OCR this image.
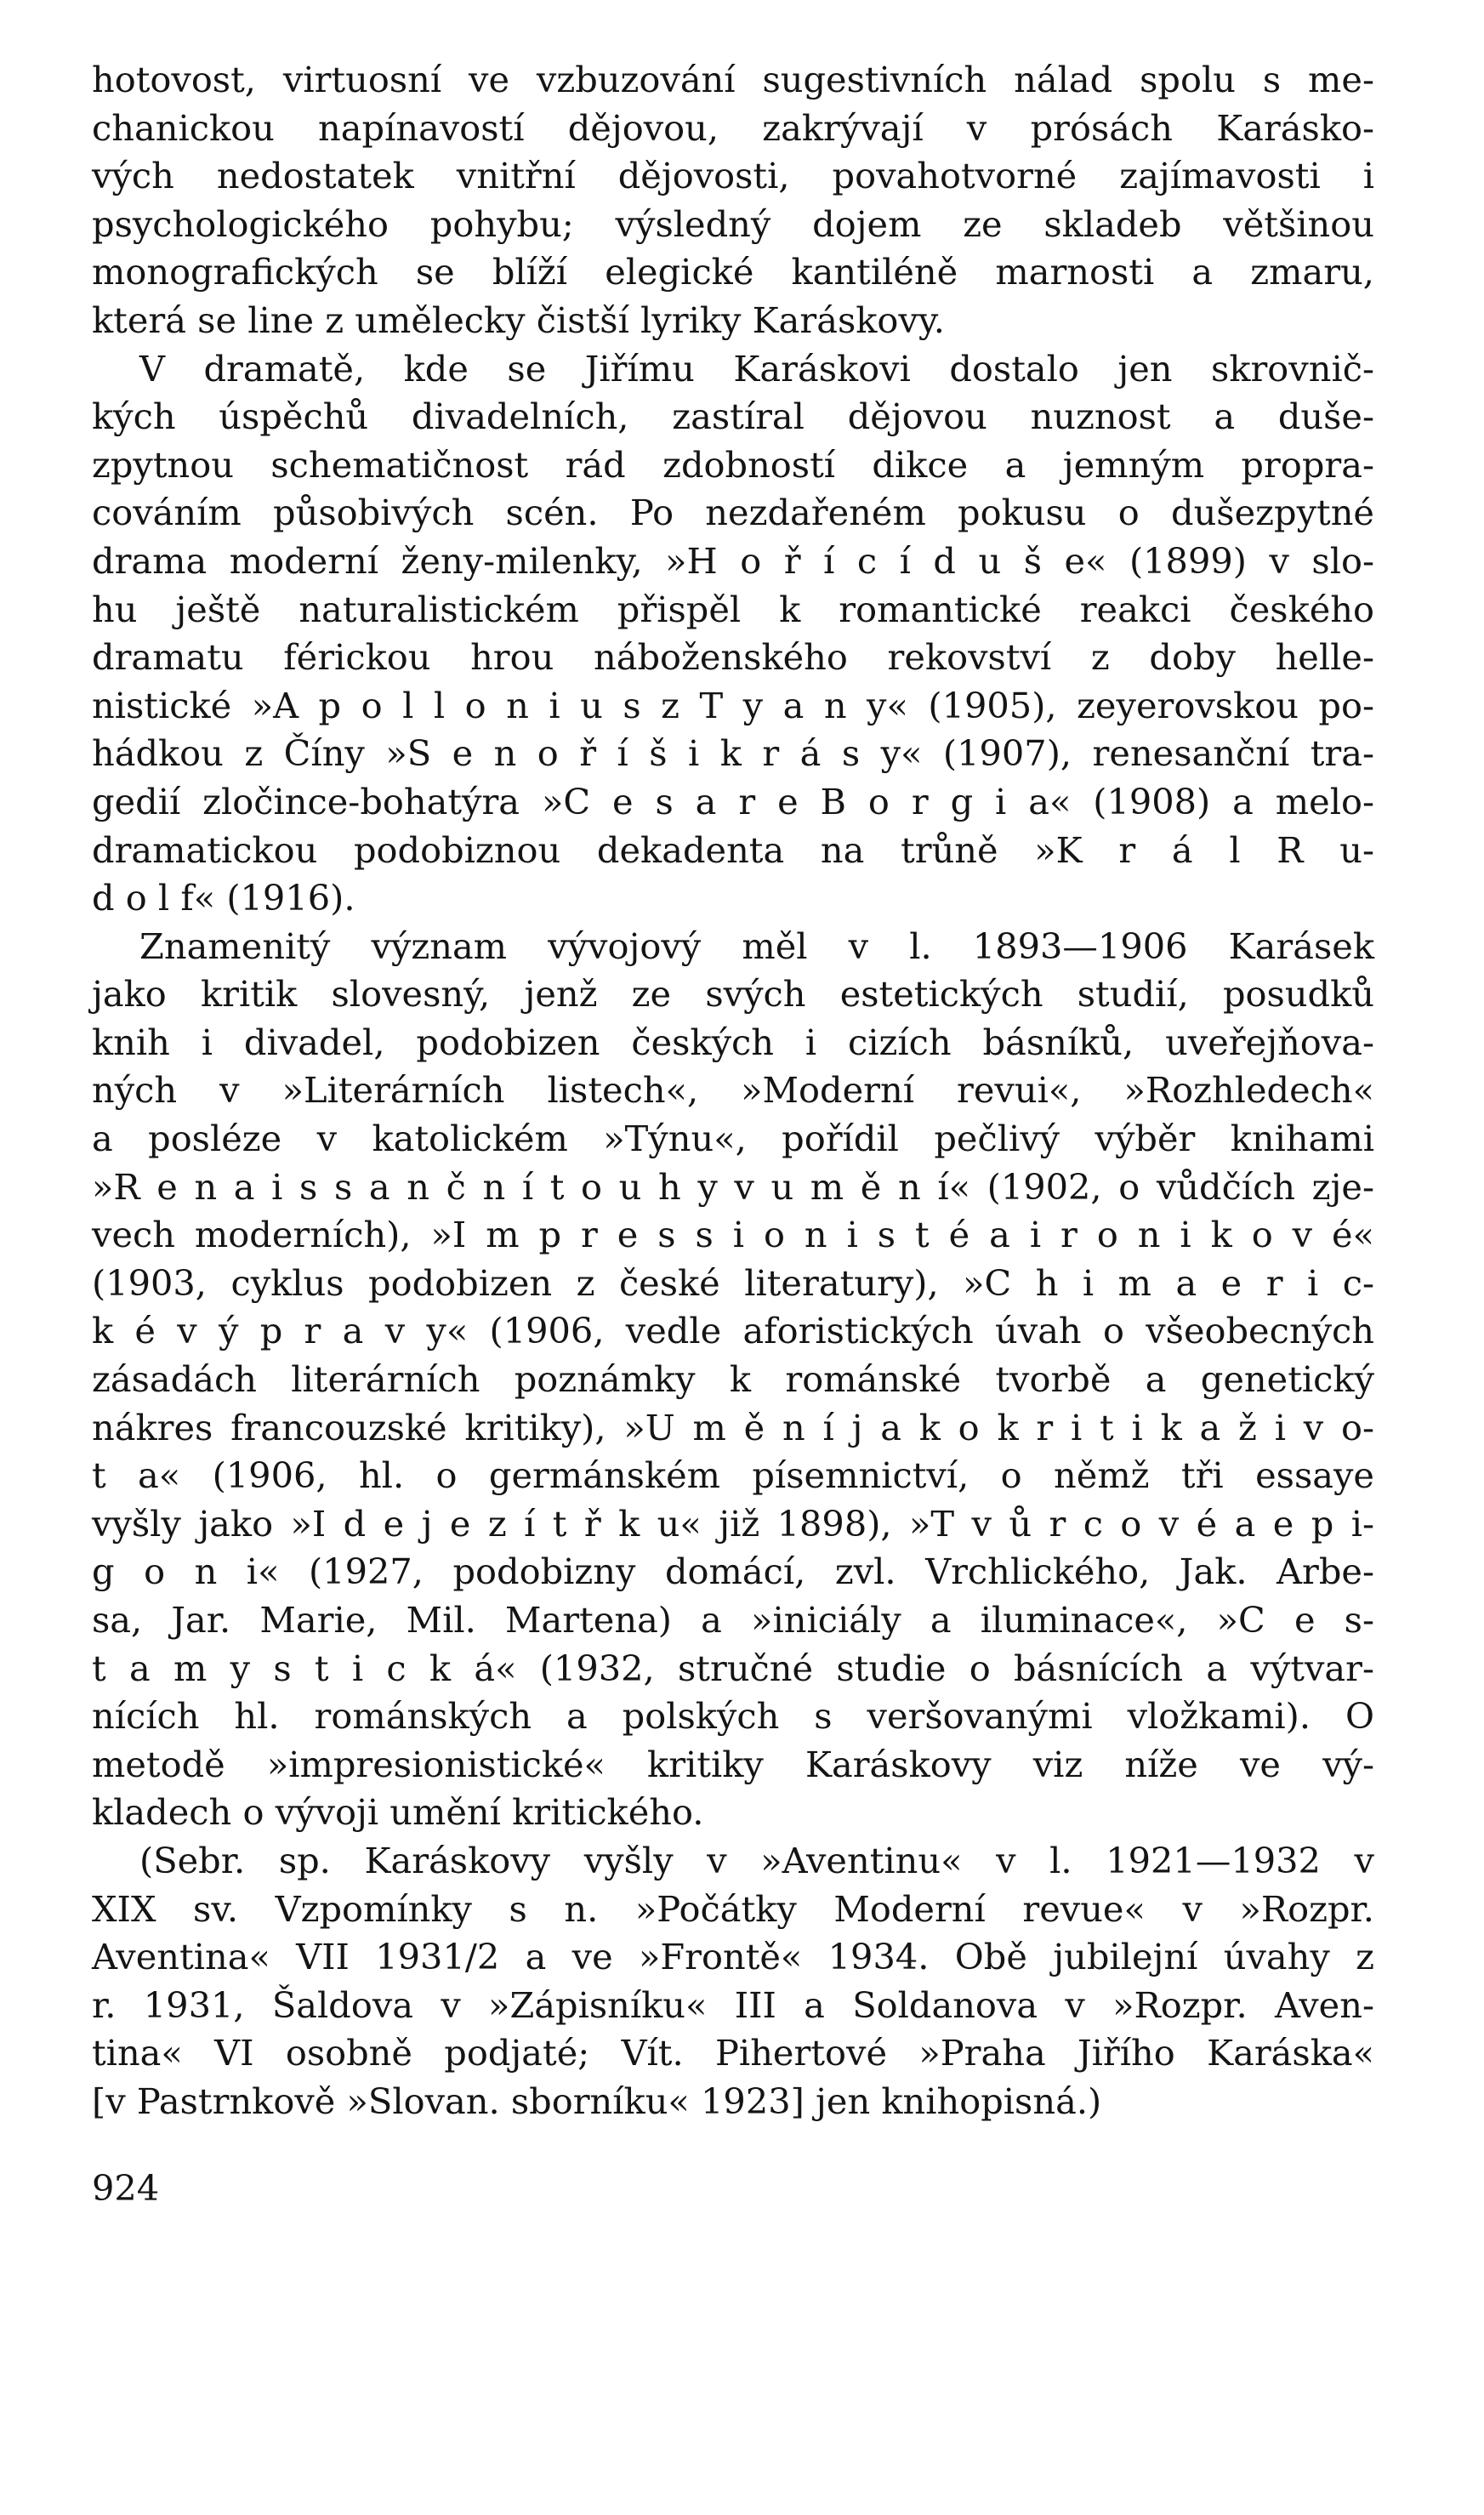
hotovost, virtuosní ve vzbuzování sugestivních nálad spolu s me-
chanickou napínavostí dějovou, zakrývají v prósách Karásko-
vých nedostatek vnitřní dějovosti, povahotvorné zajímavosti i
psychologického pohybu; výsledný dojem ze skladeb většinou
monografických se blíží elegické kantiléně marnosti a zmaru,
která se line z umělecky čistší lyriky Karáskovy.
V dramatě, kde se Jiřímu Karáskovi dostalo jen skrovnič-
kých úspěchů divadelních, zastíral dějovou nuznost a duše-
zpytnou schematičnost rád zdobností dikce a jemným propra-
cováním působivých scén. Po nezdařeném pokusu o dušezpytné
drama moderní ženy-milenky, »H o ř í c í d u š e« (1899) v slo-
hu ještě naturalistickém přispěl k romantické reakci českého
dramatu férickou hrou náboženského rekovství z doby helle-
nistické »A p o l l o n i u s z T y a n y« (1905), zeyerovskou po-
hádkou z Číny »S e n o ř í š i k r á s y« (1907), renesanční tra-
gedií zločince-bohatýra »C e s a r e B o r g i a« (1908) a melo-
dramatickou podobiznou dekadenta na trůně »K r á l R u-
d o l f« (1916).
Znamenitý význam vývojový měl v l. 1893—1906 Karásek
jako kritik slovesný, jenž ze svých estetických studií, posudků
knih i divadel, podobizen českých i cizích básníků, uveřejňova-
ných v »Literárních listech«, »Moderní revui«, »Rozhledech«
a posléze v katolickém »Týnu«, pořídil pečlivý výběr knihami
»R e n a i s s a n č n í t o u h y v u m ě n í« (1902, o vůdčích zje-
vech moderních), »I m p r e s s i o n i s t é a i r o n i k o v é«
(1903, cyklus podobizen z české literatury), »C h i m a e r i c-
k é v ý p r a v y« (1906, vedle aforistických úvah o všeobecných
zásadách literárních poznámky k románské tvorbě a genetický
nákres francouzské kritiky), »U m ě n í j a k o k r i t i k a ž i v o-
t a« (1906, hl. o germánském písemnictví, o němž tři essaye
vyšly jako »I d e j e z í t ř k u« již 1898), »T v ů r c o v é a e p i-
g o n i« (1927, podobizny domácí, zvl. Vrchlického, Jak. Arbe-
sa, Jar. Marie, Mil. Martena) a »iniciály a iluminace«, »C e s-
t a m y s t i c k á« (1932, stručné studie o básnících a výtvar-
nících hl. románských a polských s veršovanými vložkami). O
metodě »impresionistické« kritiky Karáskovy viz níže ve vý-
kladech o vývoji umění kritického.
(Sebr. sp. Karáskovy vyšly v »Aventinu« v l. 1921—1932 v
XIX sv. Vzpomínky s n. »Počátky Moderní revue« v »Rozpr.
Aventina« VII 1931/2 a ve »Frontě« 1934. Obě jubilejní úvahy z
r. 1931, Šaldova v »Zápisníku« III a Soldanova v »Rozpr. Aven-
tina« VI osobně podjaté; Vít. Pihertové »Praha Jiřího Karáska«
[v Pastrnkově »Slovan. sborníku« 1923] jen knihopisná.)
924
